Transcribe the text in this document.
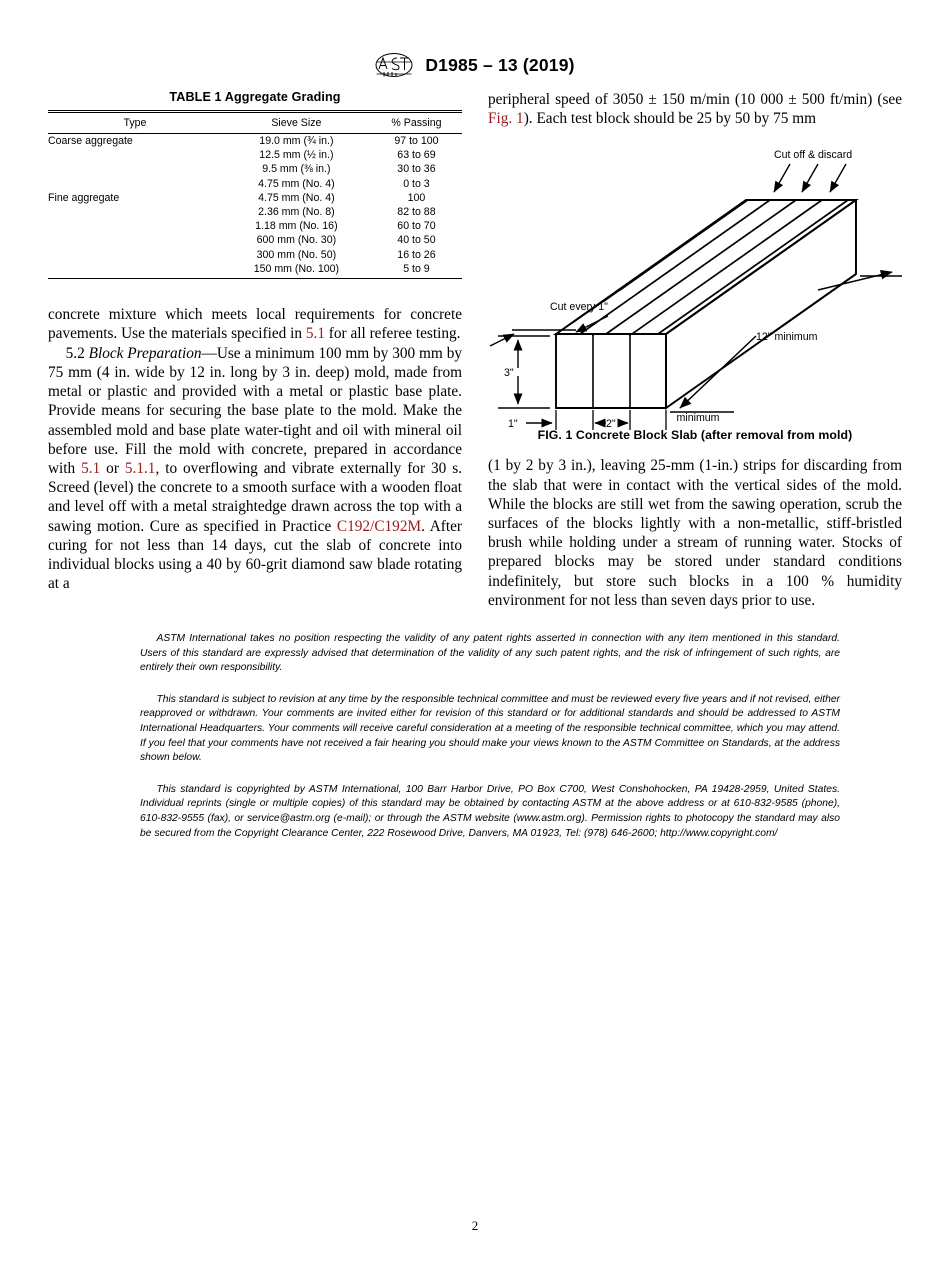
D1985 – 13 (2019)
TABLE 1 Aggregate Grading
Type	Sieve Size	% Passing
Coarse aggregate	19.0 mm (¾ in.)	97 to 100
	12.5 mm (½ in.)	63 to 69
	9.5 mm (⅜ in.)	30 to 36
	4.75 mm (No. 4)	0 to 3
Fine aggregate	4.75 mm (No. 4)	100
	2.36 mm (No. 8)	82 to 88
	1.18 mm (No. 16)	60 to 70
	600 mm (No. 30)	40 to 50
	300 mm (No. 50)	16 to 26
	150 mm (No. 100)	5 to 9

concrete mixture which meets local requirements for concrete pavements. Use the materials specified in 5.1 for all referee testing.

5.2 Block Preparation—Use a minimum 100 mm by 300 mm by 75 mm (4 in. wide by 12 in. long by 3 in. deep) mold, made from metal or plastic and provided with a metal or plastic base plate. Provide means for securing the base plate to the mold. Make the assembled mold and base plate water-tight and oil with mineral oil before use. Fill the mold with concrete, prepared in accordance with 5.1 or 5.1.1, to overflowing and vibrate externally for 30 s. Screed (level) the concrete to a smooth surface with a wooden float and level off with a metal straightedge drawn across the top with a sawing motion. Cure as specified in Practice C192/C192M. After curing for not less than 14 days, cut the slab of concrete into individual blocks using a 40 by 60-grit diamond saw blade rotating at a

peripheral speed of 3050 ± 150 m/min (10 000 ± 500 ft/min) (see Fig. 1). Each test block should be 25 by 50 by 75 mm

Cut off & discard
Cut every 1"
3"
1"	2"
12" minimum
minimum
FIG. 1 Concrete Block Slab (after removal from mold)

(1 by 2 by 3 in.), leaving 25-mm (1-in.) strips for discarding from the slab that were in contact with the vertical sides of the mold. While the blocks are still wet from the sawing operation, scrub the surfaces of the blocks lightly with a non-metallic, stiff-bristled brush while holding under a stream of running water. Stocks of prepared blocks may be stored under standard conditions indefinitely, but store such blocks in a 100 % humidity environment for not less than seven days prior to use.

ASTM International takes no position respecting the validity of any patent rights asserted in connection with any item mentioned in this standard. Users of this standard are expressly advised that determination of the validity of any such patent rights, and the risk of infringement of such rights, are entirely their own responsibility.

This standard is subject to revision at any time by the responsible technical committee and must be reviewed every five years and if not revised, either reapproved or withdrawn. Your comments are invited either for revision of this standard or for additional standards and should be addressed to ASTM International Headquarters. Your comments will receive careful consideration at a meeting of the responsible technical committee, which you may attend. If you feel that your comments have not received a fair hearing you should make your views known to the ASTM Committee on Standards, at the address shown below.

This standard is copyrighted by ASTM International, 100 Barr Harbor Drive, PO Box C700, West Conshohocken, PA 19428-2959, United States. Individual reprints (single or multiple copies) of this standard may be obtained by contacting ASTM at the above address or at 610-832-9585 (phone), 610-832-9555 (fax), or service@astm.org (e-mail); or through the ASTM website (www.astm.org). Permission rights to photocopy the standard may also be secured from the Copyright Clearance Center, 222 Rosewood Drive, Danvers, MA 01923, Tel: (978) 646-2600; http://www.copyright.com/

2
